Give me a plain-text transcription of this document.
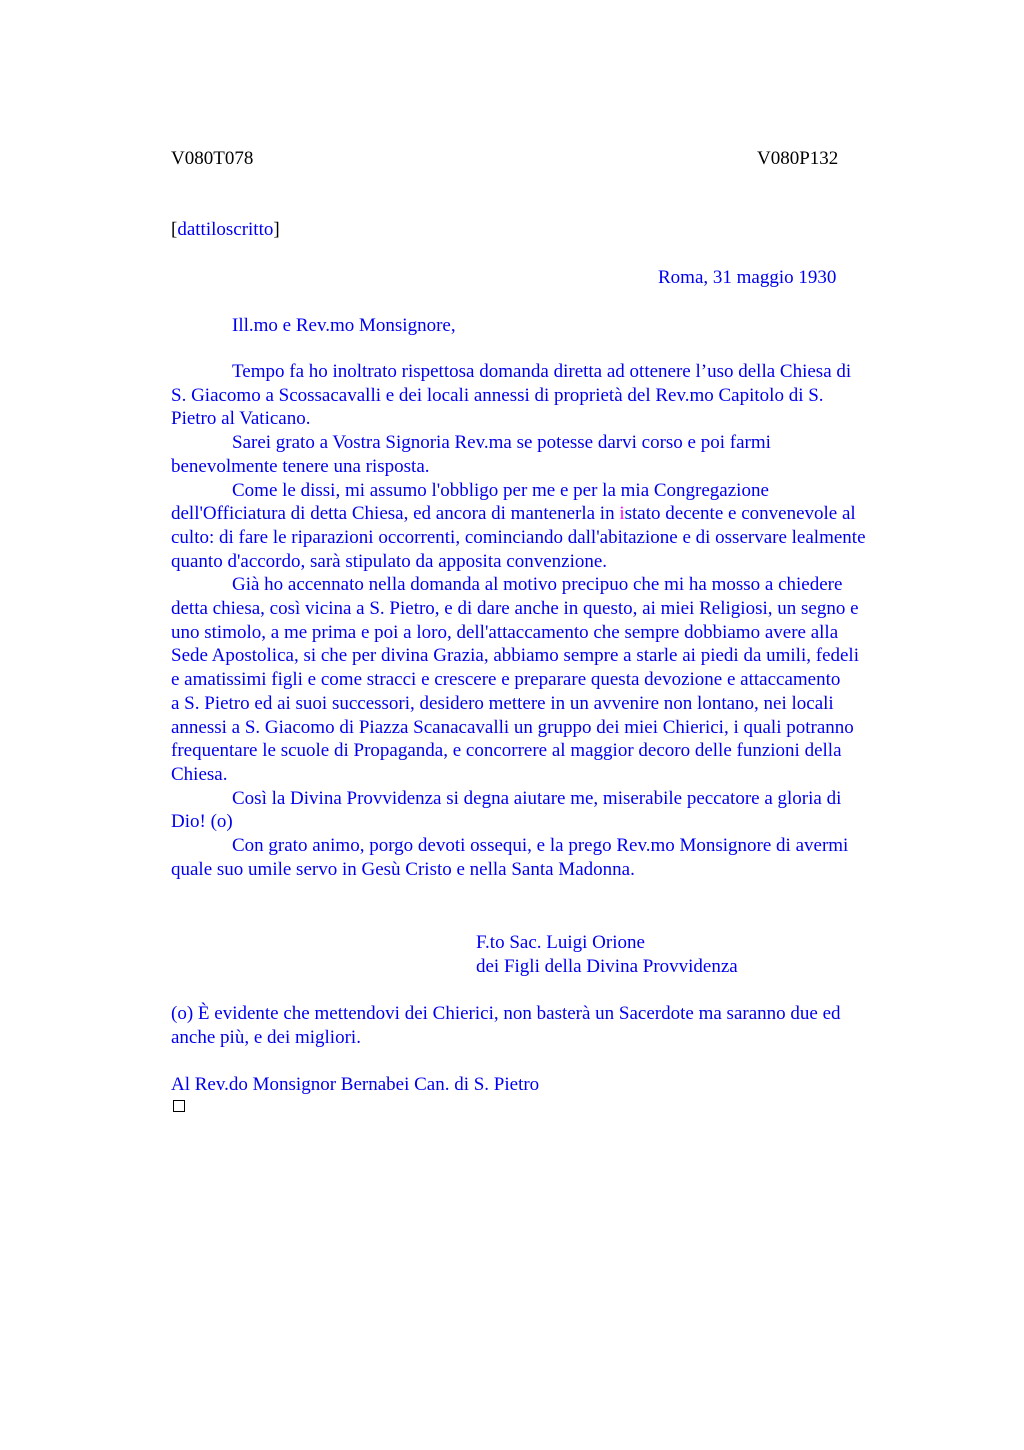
V080T078	V080P132
[dattiloscritto]
Roma, 31 maggio 1930
Ill.mo e Rev.mo Monsignore,
Tempo fa ho inoltrato rispettosa domanda diretta ad ottenere l’uso della Chiesa di
S. Giacomo a Scossacavalli e dei locali annessi di proprietà del Rev.mo Capitolo di S.
Pietro al Vaticano.
Sarei grato a Vostra Signoria Rev.ma se potesse darvi corso e poi farmi
benevolmente tenere una risposta.
Come le dissi, mi assumo l'obbligo per me e per la mia Congregazione
dell'Officiatura di detta Chiesa, ed ancora di mantenerla in istato decente e convenevole al
culto: di fare le riparazioni occorrenti, cominciando dall'abitazione e di osservare lealmente
quanto d'accordo, sarà stipulato da apposita convenzione.
Già ho accennato nella domanda al motivo precipuo che mi ha mosso a chiedere
detta chiesa, così vicina a S. Pietro, e di dare anche in questo, ai miei Religiosi, un segno e
uno stimolo, a me prima e poi a loro, dell'attaccamento che sempre dobbiamo avere alla
Sede Apostolica, si che per divina Grazia, abbiamo sempre a starle ai piedi da umili, fedeli
e amatissimi figli e come stracci e crescere e preparare questa devozione e attaccamento
a S. Pietro ed ai suoi successori, desidero mettere in un avvenire non lontano, nei locali
annessi a S. Giacomo di Piazza Scanacavalli un gruppo dei miei Chierici, i quali potranno
frequentare le scuole di Propaganda, e concorrere al maggior decoro delle funzioni della
Chiesa.
Così la Divina Provvidenza si degna aiutare me, miserabile peccatore a gloria di
Dio! (o)
Con grato animo, porgo devoti ossequi, e la prego Rev.mo Monsignore di avermi
quale suo umile servo in Gesù Cristo e nella Santa Madonna.
F.to Sac. Luigi Orione
dei Figli della Divina Provvidenza
(o) È evidente che mettendovi dei Chierici, non basterà un Sacerdote ma saranno due ed
anche più, e dei migliori.
Al Rev.do Monsignor Bernabei Can. di S. Pietro
